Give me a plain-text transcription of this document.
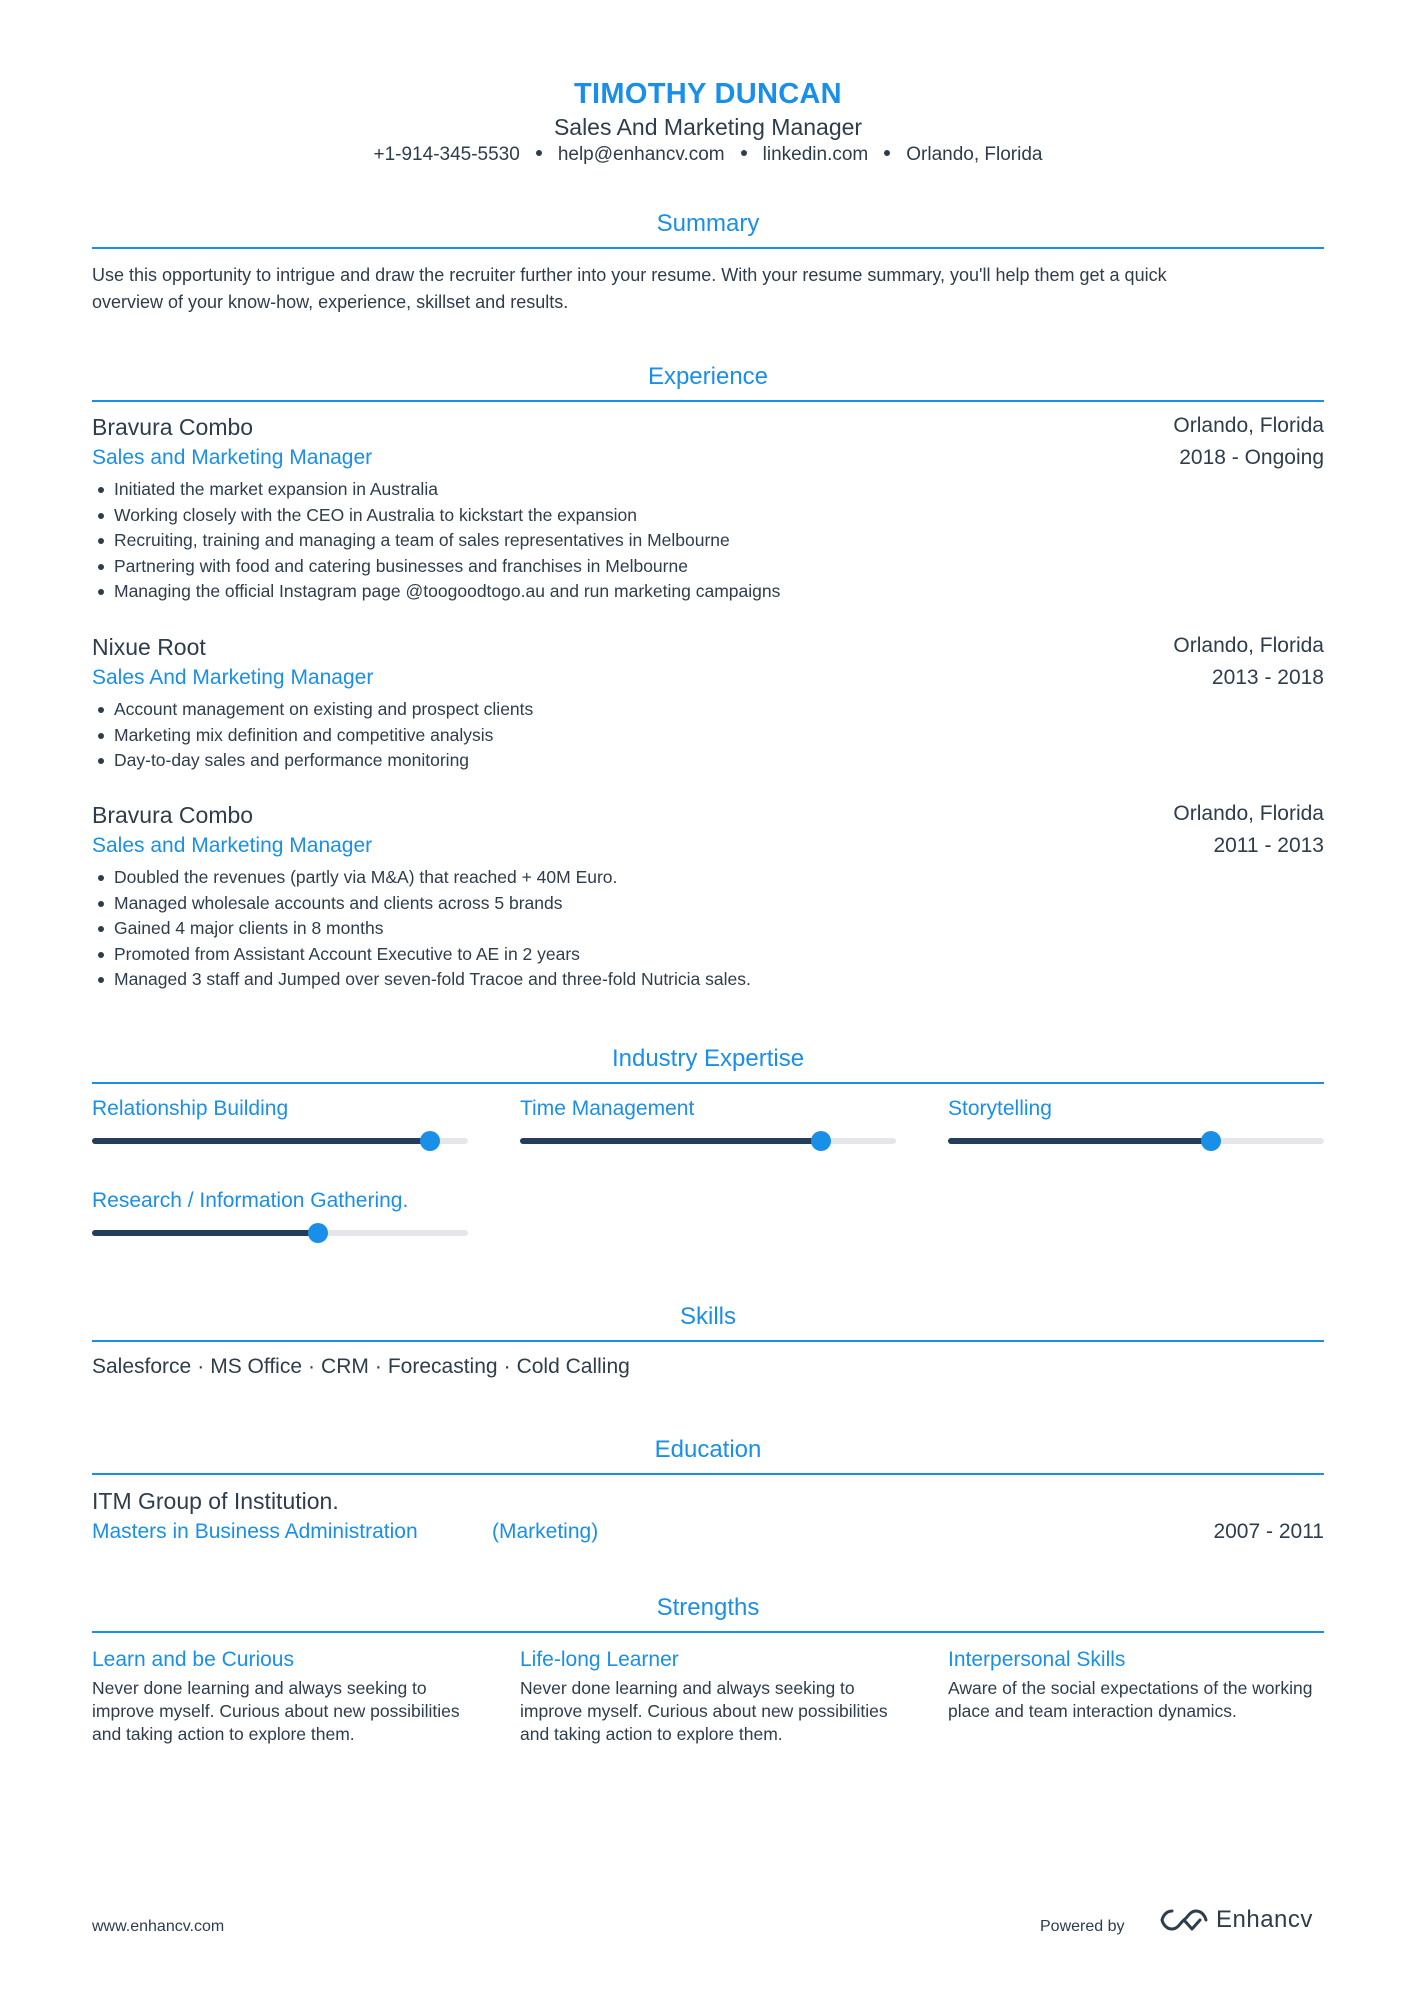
TIMOTHY DUNCAN
Sales And Marketing Manager
+1-914-345-5530 help@enhancv.com linkedin.com Orlando, Florida
Summary
Use this opportunity to intrigue and draw the recruiter further into your resume. With your resume summary, you'll help them get a quick
overview of your know-how, experience, skillset and results.
Experience
Bravura Combo	Orlando, Florida
Sales and Marketing Manager	2018 - Ongoing
Initiated the market expansion in Australia
Working closely with the CEO in Australia to kickstart the expansion
Recruiting, training and managing a team of sales representatives in Melbourne
Partnering with food and catering businesses and franchises in Melbourne
Managing the official Instagram page @toogoodtogo.au and run marketing campaigns
Nixue Root	Orlando, Florida
Sales And Marketing Manager	2013 - 2018
Account management on existing and prospect clients
Marketing mix definition and competitive analysis
Day-to-day sales and performance monitoring
Bravura Combo	Orlando, Florida
Sales and Marketing Manager	2011 - 2013
Doubled the revenues (partly via M&A) that reached + 40M Euro.
Managed wholesale accounts and clients across 5 brands
Gained 4 major clients in 8 months
Promoted from Assistant Account Executive to AE in 2 years
Managed 3 staff and Jumped over seven-fold Tracoe and three-fold Nutricia sales.
Industry Expertise
Relationship Building	Time Management	Storytelling
Research / Information Gathering.
Skills
Salesforce · MS Office · CRM · Forecasting · Cold Calling
Education
ITM Group of Institution.
Masters in Business Administration	(Marketing)	2007 - 2011
Strengths
Learn and be Curious
Never done learning and always seeking to improve myself. Curious about new possibilities and taking action to explore them.
Life-long Learner
Never done learning and always seeking to improve myself. Curious about new possibilities and taking action to explore them.
Interpersonal Skills
Aware of the social expectations of the working place and team interaction dynamics.
www.enhancv.com	Powered by	Enhancv
